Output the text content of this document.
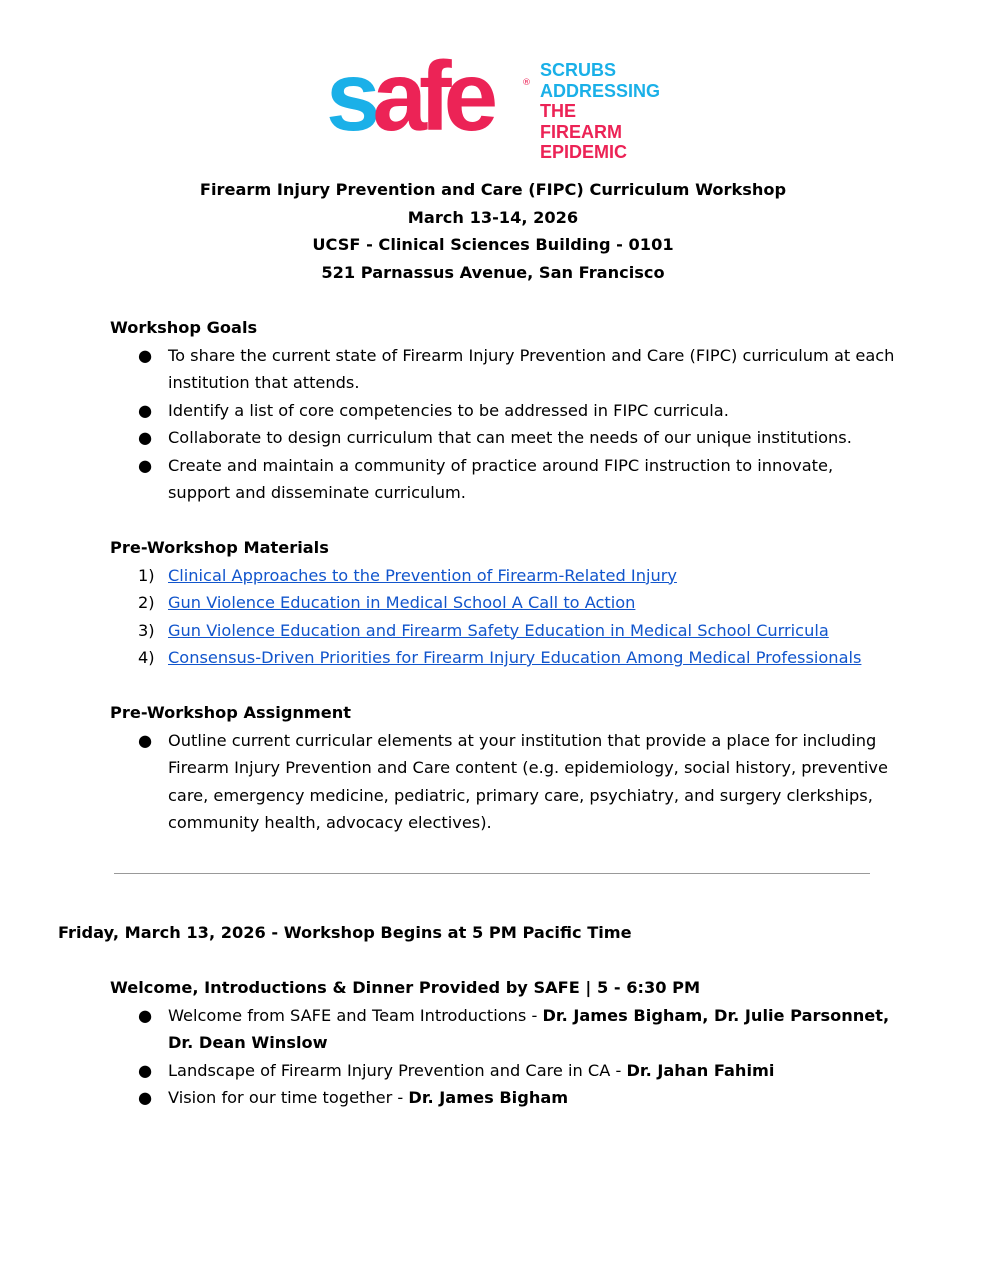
safe	®
SCRUBS
ADDRESSING
THE FIREARM
EPIDEMIC
Firearm Injury Prevention and Care (FIPC) Curriculum Workshop
March 13-14, 2026
UCSF - Clinical Sciences Building - 0101
521 Parnassus Avenue, San Francisco
Workshop Goals
● To share the current state of Firearm Injury Prevention and Care (FIPC) curriculum at each institution that attends.
● Identify a list of core competencies to be addressed in FIPC curricula.
● Collaborate to design curriculum that can meet the needs of our unique institutions.
● Create and maintain a community of practice around FIPC instruction to innovate, support and disseminate curriculum.
Pre-Workshop Materials
1) Clinical Approaches to the Prevention of Firearm-Related Injury
2) Gun Violence Education in Medical School A Call to Action
3) Gun Violence Education and Firearm Safety Education in Medical School Curricula
4) Consensus-Driven Priorities for Firearm Injury Education Among Medical Professionals
Pre-Workshop Assignment
● Outline current curricular elements at your institution that provide a place for including Firearm Injury Prevention and Care content (e.g. epidemiology, social history, preventive care, emergency medicine, pediatric, primary care, psychiatry, and surgery clerkships, community health, advocacy electives).
Friday, March 13, 2026 - Workshop Begins at 5 PM Pacific Time
Welcome, Introductions & Dinner Provided by SAFE | 5 - 6:30 PM
● Welcome from SAFE and Team Introductions - Dr. James Bigham, Dr. Julie Parsonnet, Dr. Dean Winslow
● Landscape of Firearm Injury Prevention and Care in CA - Dr. Jahan Fahimi
● Vision for our time together - Dr. James Bigham
